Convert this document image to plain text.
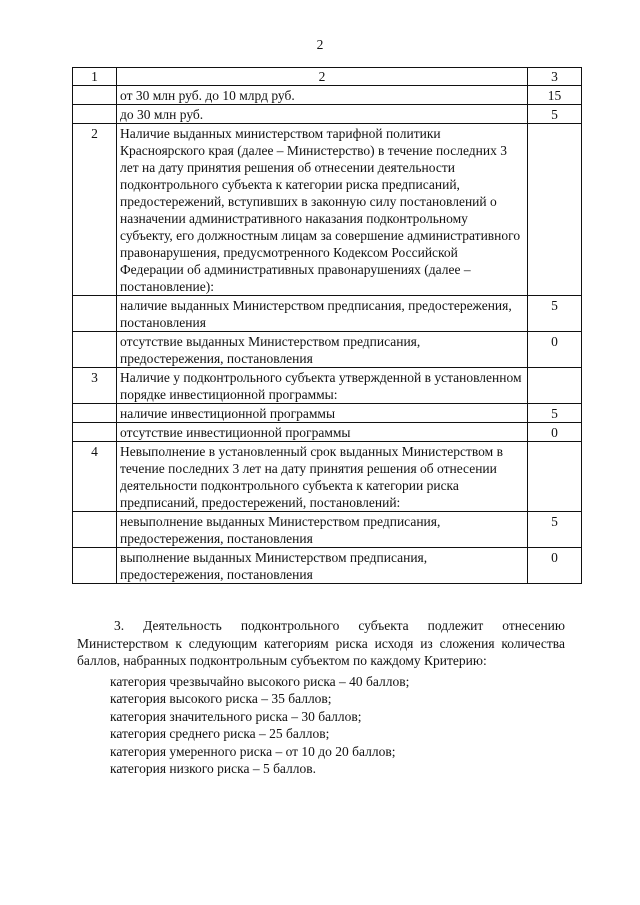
2
1	2	3
	от 30 млн руб. до 10 млрд руб.	15
	до 30 млн руб.	5
2	Наличие выданных министерством тарифной политики Красноярского края (далее – Министерство) в течение последних 3 лет на дату принятия решения об отнесении деятельности подконтрольного субъекта к категории риска предписаний, предостережений, вступивших в законную силу постановлений о назначении административного наказания подконтрольному субъекту, его должностным лицам за совершение административного правонарушения, предусмотренного Кодексом Российской Федерации об административных правонарушениях (далее – постановление):	
	наличие выданных Министерством предписания, предостережения, постановления	5
	отсутствие выданных Министерством предписания, предостережения, постановления	0
3	Наличие у подконтрольного субъекта утвержденной в установленном порядке инвестиционной программы:	
	наличие инвестиционной программы	5
	отсутствие инвестиционной программы	0
4	Невыполнение в установленный срок выданных Министерством в течение последних 3 лет на дату принятия решения об отнесении деятельности подконтрольного субъекта к категории риска предписаний, предостережений, постановлений:	
	невыполнение выданных Министерством предписания, предостережения, постановления	5
	выполнение выданных Министерством предписания, предостережения, постановления	0

3. Деятельность подконтрольного субъекта подлежит отнесению Министерством к следующим категориям риска исходя из сложения количества баллов, набранных подконтрольным субъектом по каждому Критерию:

категория чрезвычайно высокого риска – 40 баллов;
категория высокого риска – 35 баллов;
категория значительного риска – 30 баллов;
категория среднего риска – 25 баллов;
категория умеренного риска – от 10 до 20 баллов;
категория низкого риска – 5 баллов.
